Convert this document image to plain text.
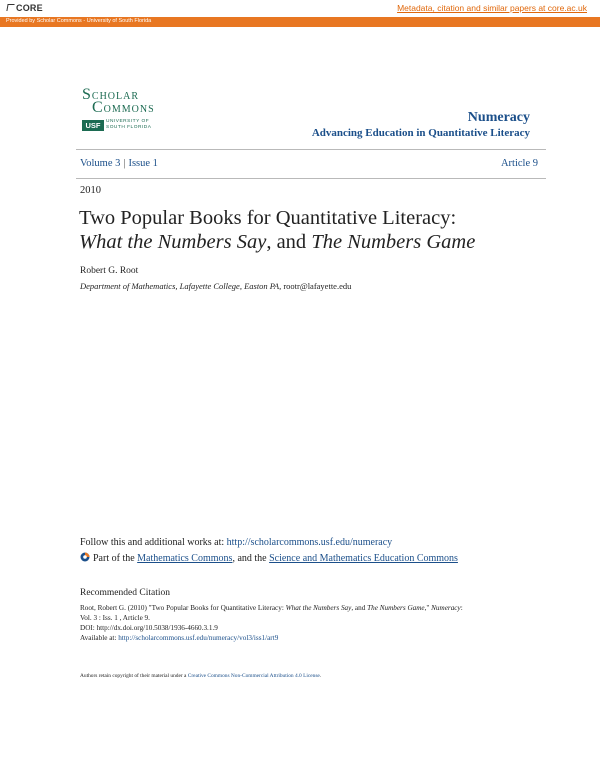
CORE	Metadata, citation and similar papers at core.ac.uk
Provided by Scholar Commons - University of South Florida
SCHOLAR
COMMONS
USF	UNIVERSITY OF
SOUTH FLORIDA
Numeracy
Advancing Education in Quantitative Literacy
Volume 3 | Issue 1	Article 9
2010
Two Popular Books for Quantitative Literacy:
What the Numbers Say, and The Numbers Game
Robert G. Root
Department of Mathematics, Lafayette College, Easton PA, rootr@lafayette.edu
Follow this and additional works at: http://scholarcommons.usf.edu/numeracy
Part of the Mathematics Commons, and the Science and Mathematics Education Commons
Recommended Citation
Root, Robert G. (2010) "Two Popular Books for Quantitative Literacy: What the Numbers Say, and The Numbers Game," Numeracy:
Vol. 3 : Iss. 1 , Article 9.
DOI: http://dx.doi.org/10.5038/1936-4660.3.1.9
Available at: http://scholarcommons.usf.edu/numeracy/vol3/iss1/art9
Authors retain copyright of their material under a Creative Commons Non-Commercial Attribution 4.0 License.
